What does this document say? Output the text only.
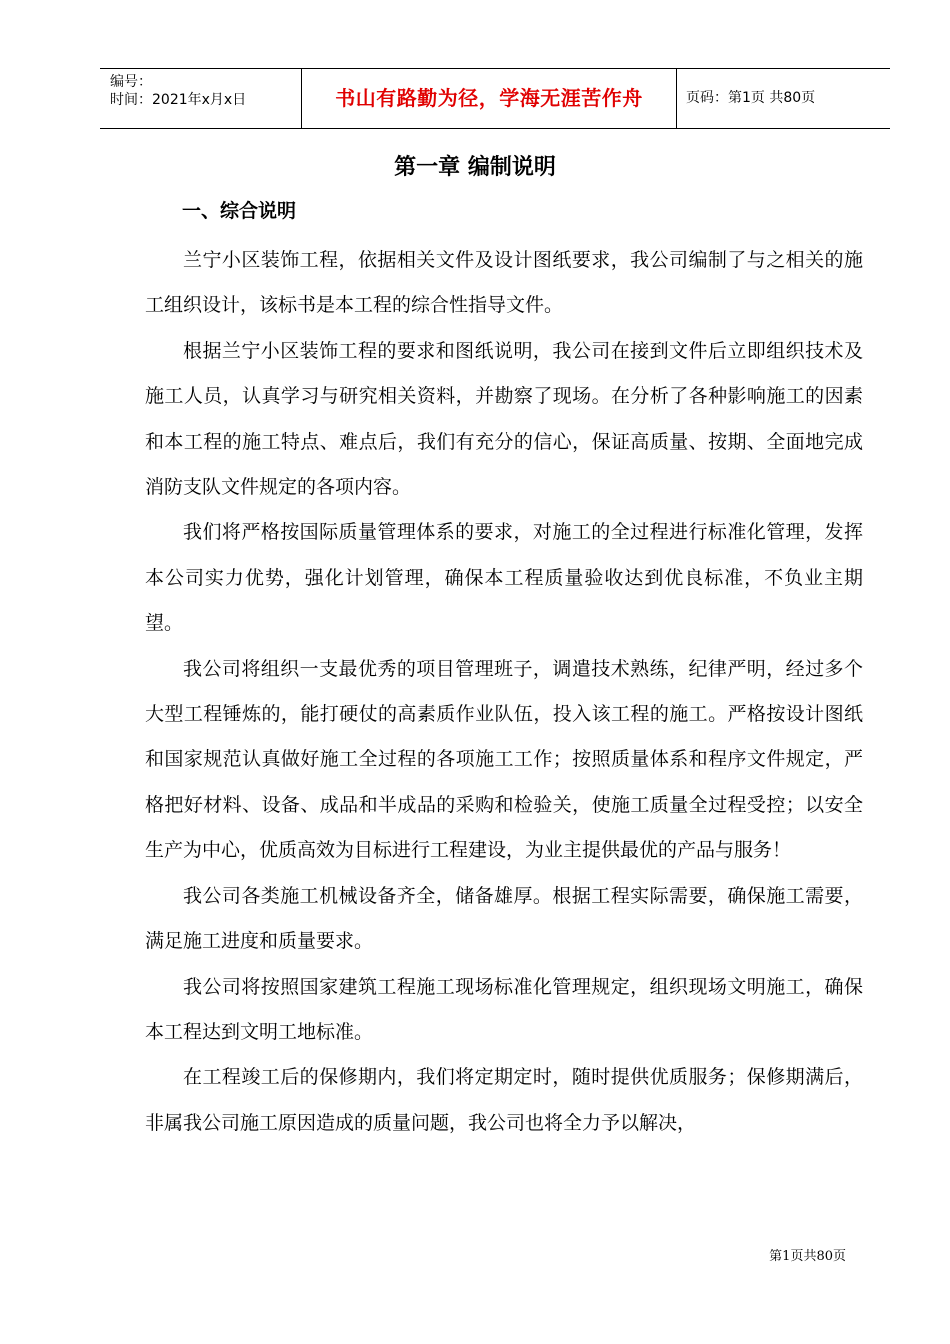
编号：
时间：2021年x月x日	书山有路勤为径，学海无涯苦作舟	页码：第1页 共80页
第一章 编制说明
一、综合说明

兰宁小区装饰工程，依据相关文件及设计图纸要求，我公司编制了与之相关的施工组织设计，该标书是本工程的综合性指导文件。

根据兰宁小区装饰工程的要求和图纸说明，我公司在接到文件后立即组织技术及施工人员，认真学习与研究相关资料，并勘察了现场。在分析了各种影响施工的因素和本工程的施工特点、难点后，我们有充分的信心，保证高质量、按期、全面地完成消防支队文件规定的各项内容。

我们将严格按国际质量管理体系的要求，对施工的全过程进行标准化管理，发挥本公司实力优势，强化计划管理，确保本工程质量验收达到优良标准，不负业主期望。

我公司将组织一支最优秀的项目管理班子，调遣技术熟练，纪律严明，经过多个大型工程锤炼的，能打硬仗的高素质作业队伍，投入该工程的施工。严格按设计图纸和国家规范认真做好施工全过程的各项施工工作；按照质量体系和程序文件规定，严格把好材料、设备、成品和半成品的采购和检验关，使施工质量全过程受控；以安全生产为中心，优质高效为目标进行工程建设，为业主提供最优的产品与服务！

我公司各类施工机械设备齐全，储备雄厚。根据工程实际需要，确保施工需要，满足施工进度和质量要求。

我公司将按照国家建筑工程施工现场标准化管理规定，组织现场文明施工，确保本工程达到文明工地标准。

在工程竣工后的保修期内，我们将定期定时，随时提供优质服务；保修期满后，非属我公司施工原因造成的质量问题，我公司也将全力予以解决，

第1页共80页
